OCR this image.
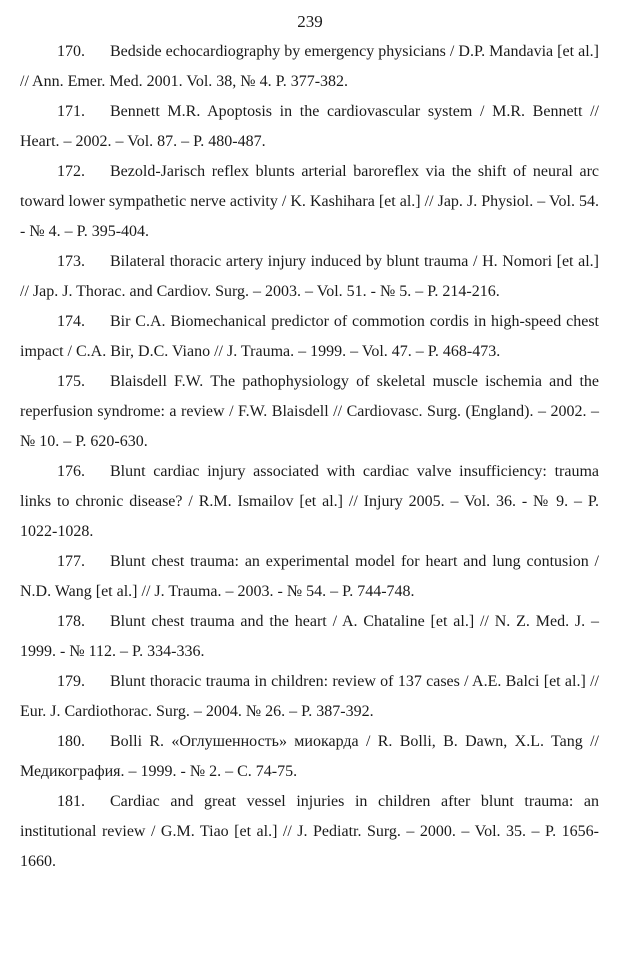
239
170. Bedside echocardiography by emergency physicians / D.P. Mandavia [et al.] // Ann. Emer. Med. 2001. Vol. 38, № 4. P. 377-382.
171. Bennett M.R. Apoptosis in the cardiovascular system / M.R. Bennett // Heart. – 2002. – Vol. 87. – P. 480-487.
172. Bezold-Jarisch reflex blunts arterial baroreflex via the shift of neural arc toward lower sympathetic nerve activity / K. Kashihara [et al.] // Jap. J. Physiol. – Vol. 54. - № 4. – P. 395-404.
173. Bilateral thoracic artery injury induced by blunt trauma / H. Nomori [et al.] // Jap. J. Thorac. and Cardiov. Surg. – 2003. – Vol. 51. - № 5. – P. 214-216.
174. Bir C.A. Biomechanical predictor of commotion cordis in high-speed chest impact / C.A. Bir, D.C. Viano // J. Trauma. – 1999. – Vol. 47. – P. 468-473.
175. Blaisdell F.W. The pathophysiology of skeletal muscle ischemia and the reperfusion syndrome: a review / F.W. Blaisdell // Cardiovasc. Surg. (England). – 2002. – № 10. – P. 620-630.
176. Blunt cardiac injury associated with cardiac valve insufficiency: trauma links to chronic disease? / R.M. Ismailov [et al.] // Injury 2005. – Vol. 36. - № 9. – P. 1022-1028.
177. Blunt chest trauma: an experimental model for heart and lung contusion / N.D. Wang [et al.] // J. Trauma. – 2003. - № 54. – P. 744-748.
178. Blunt chest trauma and the heart / A. Chataline [et al.] // N. Z. Med. J. – 1999. - № 112. – P. 334-336.
179. Blunt thoracic trauma in children: review of 137 cases / A.E. Balci [et al.] // Eur. J. Cardiothorac. Surg. – 2004. № 26. – P. 387-392.
180. Bolli R. «Оглушенность» миокарда / R. Bolli, B. Dawn, X.L. Tang // Медикография. – 1999. - № 2. – С. 74-75.
181. Cardiac and great vessel injuries in children after blunt trauma: an institutional review / G.M. Tiao [et al.] // J. Pediatr. Surg. – 2000. – Vol. 35. – P. 1656-1660.
